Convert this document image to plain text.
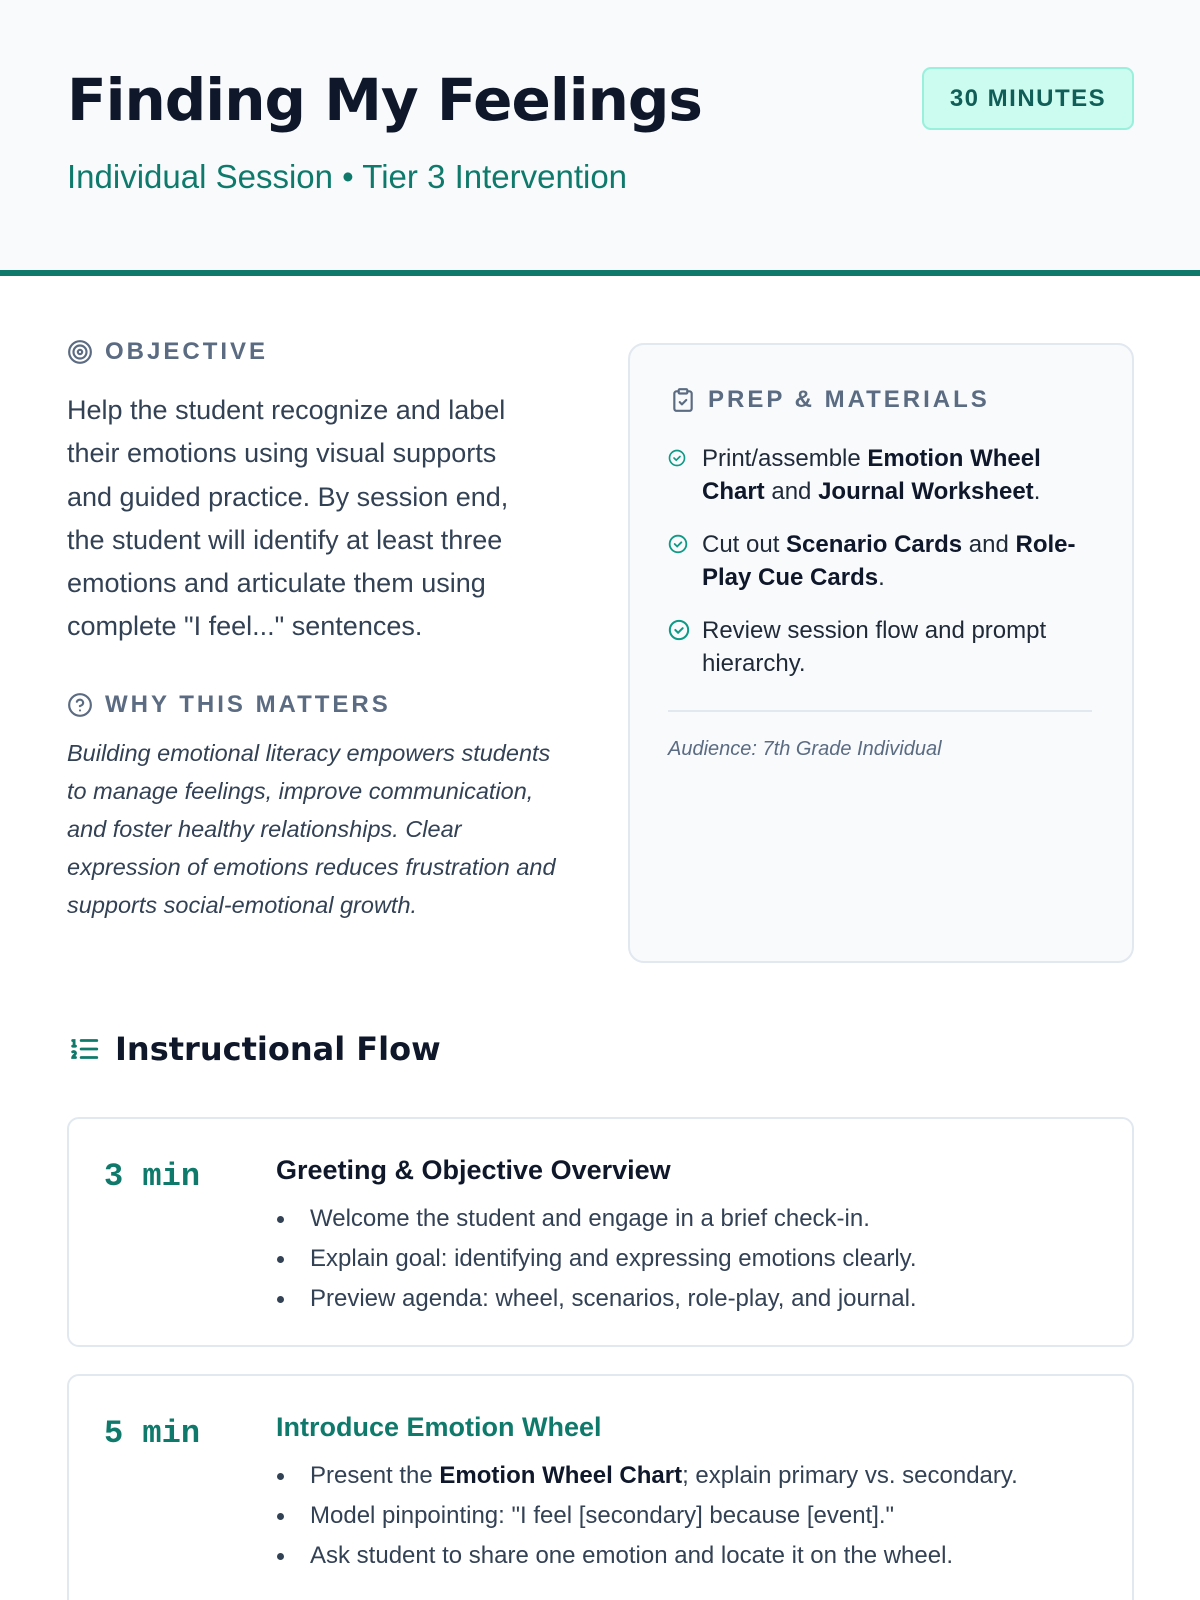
Finding My Feelings
Individual Session • Tier 3 Intervention
30 MINUTES
OBJECTIVE

Help the student recognize and label their emotions using visual supports and guided practice. By session end, the student will identify at least three emotions and articulate them using complete "I feel..." sentences.

WHY THIS MATTERS

Building emotional literacy empowers students to manage feelings, improve communication, and foster healthy relationships. Clear expression of emotions reduces frustration and supports social-emotional growth.

PREP & MATERIALS
Print/assemble Emotion Wheel Chart and Journal Worksheet.
Cut out Scenario Cards and Role-Play Cue Cards.
Review session flow and prompt hierarchy.
Audience: 7th Grade Individual
Instructional Flow
3 min	Greeting & Objective Overview
Welcome the student and engage in a brief check-in.
Explain goal: identifying and expressing emotions clearly.
Preview agenda: wheel, scenarios, role-play, and journal.
5 min	Introduce Emotion Wheel
Present the Emotion Wheel Chart; explain primary vs. secondary.
Model pinpointing: "I feel [secondary] because [event]."
Ask student to share one emotion and locate it on the wheel.
